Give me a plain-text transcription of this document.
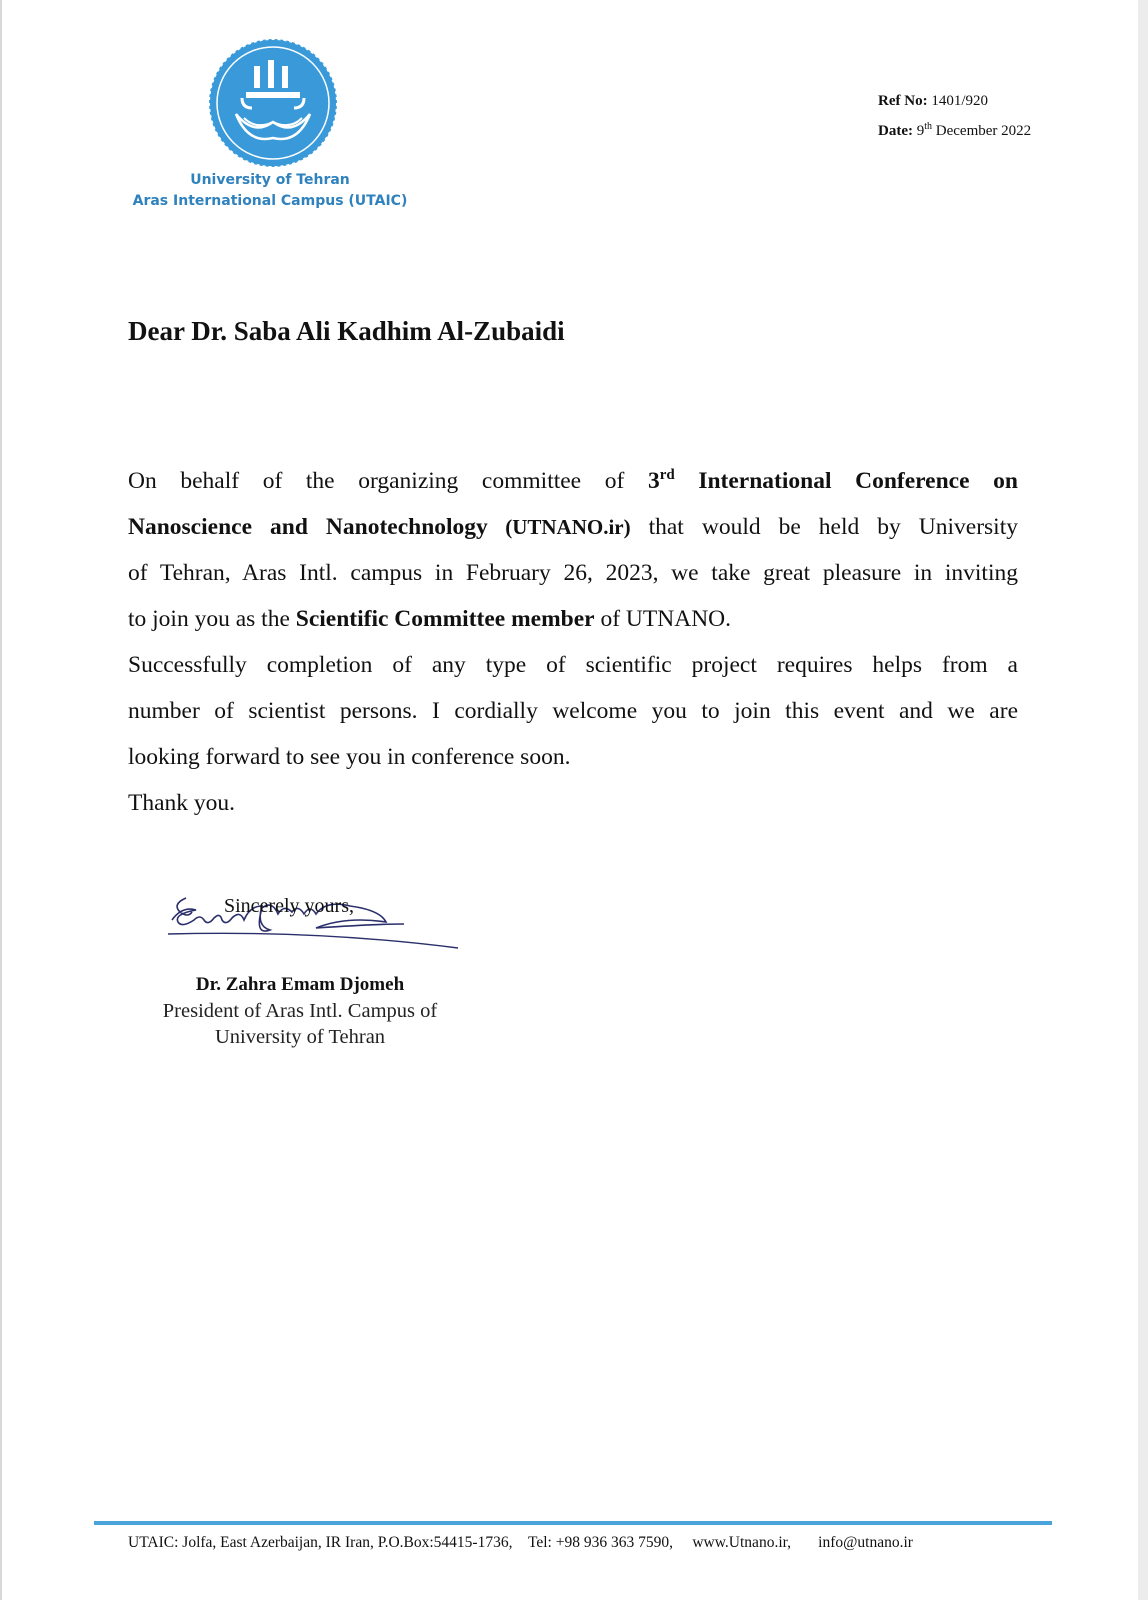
University of Tehran
Aras International Campus (UTAIC)
Ref No: 1401/920
Date: 9th December 2022
Dear Dr. Saba Ali Kadhim Al-Zubaidi
On behalf of the organizing committee of 3rd International Conference on
Nanoscience and Nanotechnology (UTNANO.ir) that would be held by University
of Tehran, Aras Intl. campus in February 26, 2023, we take great pleasure in inviting
to join you as the Scientific Committee member of UTNANO.
Successfully completion of any type of scientific project requires helps from a
number of scientist persons. I cordially welcome you to join this event and we are
looking forward to see you in conference soon.
Thank you.
Sincerely yours,
Dr. Zahra Emam Djomeh
President of Aras Intl. Campus of
University of Tehran
UTAIC: Jolfa, East Azerbaijan, IR Iran, P.O.Box:54415-1736, Tel: +98 936 363 7590, www.Utnano.ir, info@utnano.ir
